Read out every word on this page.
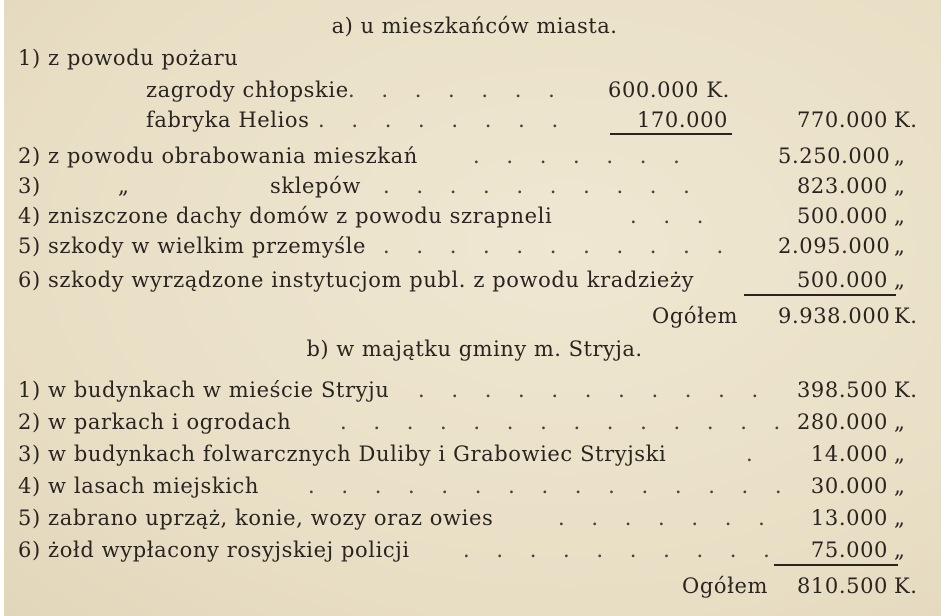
a) u mieszkańców miasta.
1) z powodu pożaru
zagrody chłopskie . . . . . . . 600.000 K.
fabryka Helios . . . . . . . .	170.000	770.000 K.
2) z powodu obrabowania mieszkań	. . . . . . .	5.250.000 „
3)	„	sklepów . . . . . . . . . .	823.000 „
4) zniszczone dachy domów z powodu szrapneli	. . .	500.000 „
5) szkody w wielkim przemyśle . . . . . . . . . . . 2.095.000 „
6) szkody wyrządzone instytucjom publ. z powodu kradzieży	500.000 „
Ogółem 9.938.000 K.
b) w majątku gminy m. Stryja.
1) w budynkach w mieście Stryju . . . . . . . . . . .	398.500 K.
2) w parkach i ogrodach . . . . . . . . . . . . . . 280.000 „
3) w budynkach folwarcznych Duliby i Grabowiec Stryjski	.	14.000 „
4) w lasach miejskich . . . . . . . . . . . . . . . 30.000 „
5) zabrano uprząż, konie, wozy oraz owies	. . . . . . .	13.000 „
6) żołd wypłacony rosyjskiej policji	. . . . . . . . . .	75.000 „
Ogółem	810.500 K.
